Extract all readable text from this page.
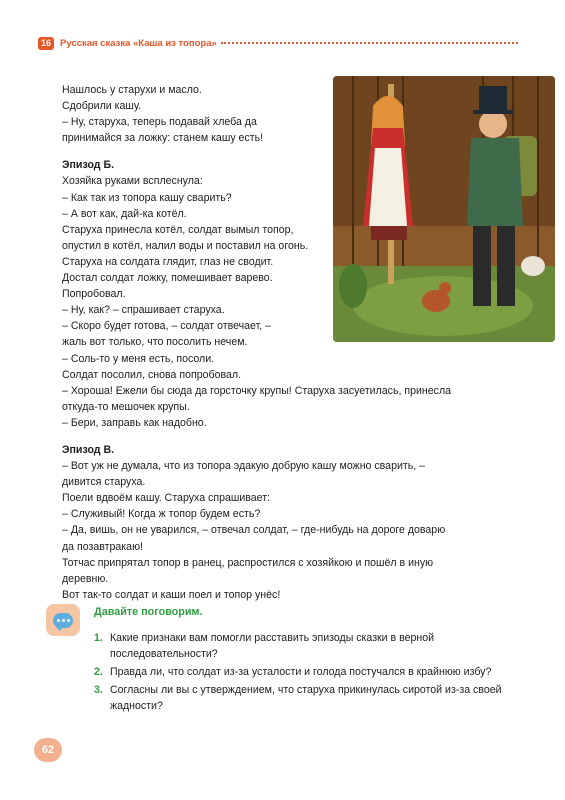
16 Русская сказка «Каша из топора»

Нашлось у старухи и масло.

Сдобрили кашу.

– Ну, старуха, теперь подавай хлеба да

принимайся за ложку: станем кашу есть!

Эпизод Б.

Хозяйка руками всплеснула:

– Как так из топора кашу сварить?

– А вот как, дай-ка котёл.

Старуха принесла котёл, солдат вымыл топор,

опустил в котёл, налил воды и поставил на огонь.

Старуха на солдата глядит, глаз не сводит.

Достал солдат ложку, помешивает варево.

Попробовал.

– Ну, как? – спрашивает старуха.

– Скоро будет готова, – солдат отвечает, –

жаль вот только, что посолить нечем.

– Соль-то у меня есть, посоли.

Солдат посолил, снова попробовал.

– Хороша! Ежели бы сюда да горсточку крупы! Старуха засуетилась, принесла

откуда-то мешочек крупы.

– Бери, заправь как надобно.

Эпизод В.

– Вот уж не думала, что из топора эдакую добрую кашу можно сварить, –

дивится старуха.

Поели вдвоём кашу. Старуха спрашивает:

– Служивый! Когда ж топор будем есть?

– Да, вишь, он не уварился, – отвечал солдат, – где-нибудь на дороге доварю

да позавтракаю!

Тотчас припрятал топор в ранец, распростился с хозяйкою и пошёл в иную

деревню.

Вот так-то солдат и каши поел и топор унёс!

Давайте поговорим.
1. Какие признаки вам помогли расставить эпизоды сказки в верной последовательности?
2. Правда ли, что солдат из-за усталости и голода постучался в крайнюю избу?
3. Согласны ли вы с утверждением, что старуха прикинулась сиротой из-за своей жадности?
62
